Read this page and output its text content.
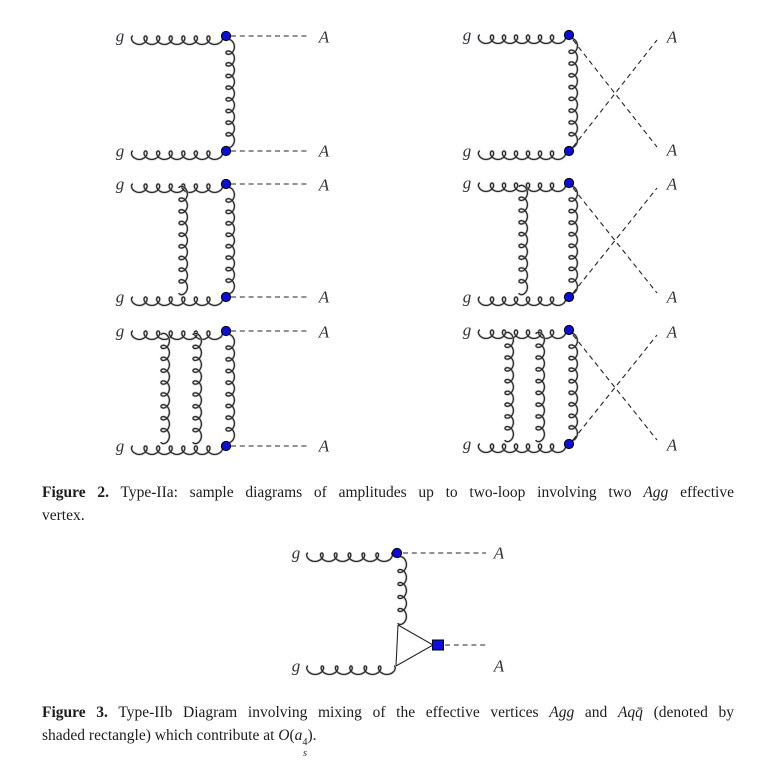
g	A
g	A
g
g
A
A
g	A
g	A
g
g
A
A
g	A
g	A
g
g
A
A
g	A
g	A
Figure 2. Type-IIa: sample diagrams of amplitudes up to two-loop involving two Agg effective
vertex.
Figure 3. Type-IIb Diagram involving mixing of the effective vertices Agg and Aqq̄ (denoted by
shaded rectangle) which contribute at O(a 4
s
).
